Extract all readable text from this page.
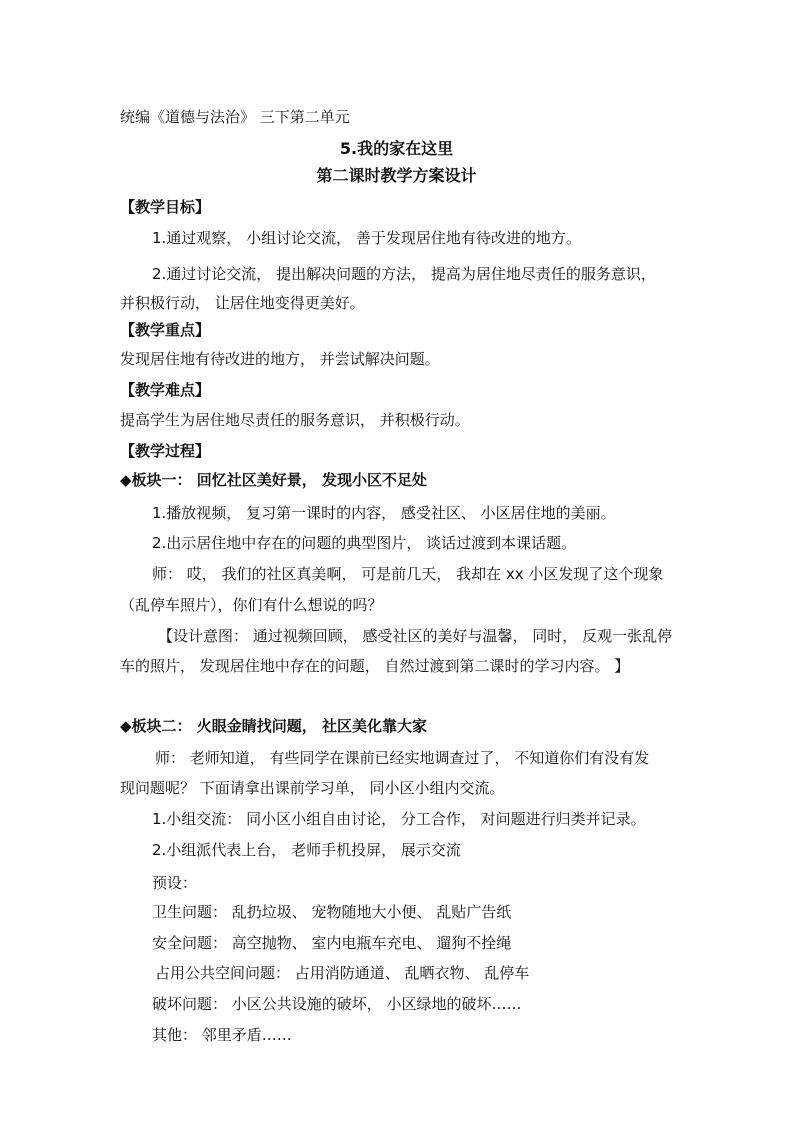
统编《道德与法治》 三下第二单元
5.我的家在这里
第二课时教学方案设计
【教学目标】
1.通过观察， 小组讨论交流， 善于发现居住地有待改进的地方。
2.通过讨论交流， 提出解决问题的方法， 提高为居住地尽责任的服务意识，
并积极行动， 让居住地变得更美好。
【教学重点】
发现居住地有待改进的地方， 并尝试解决问题。
【教学难点】
提高学生为居住地尽责任的服务意识， 并积极行动。
【教学过程】
◆板块一： 回忆社区美好景， 发现小区不足处
1.播放视频， 复习第一课时的内容， 感受社区、 小区居住地的美丽。
2.出示居住地中存在的问题的典型图片， 谈话过渡到本课话题。
师： 哎， 我们的社区真美啊， 可是前几天， 我却在 xx 小区发现了这个现象
（乱停车照片），你们有什么想说的吗？
【设计意图： 通过视频回顾， 感受社区的美好与温馨， 同时， 反观一张乱停
车的照片， 发现居住地中存在的问题， 自然过渡到第二课时的学习内容。 】
◆板块二： 火眼金睛找问题， 社区美化靠大家
师： 老师知道， 有些同学在课前已经实地调查过了， 不知道你们有没有发
现问题呢？ 下面请拿出课前学习单， 同小区小组内交流。
1.小组交流： 同小区小组自由讨论， 分工合作， 对问题进行归类并记录。
2.小组派代表上台， 老师手机投屏， 展示交流
预设：
卫生问题： 乱扔垃圾、 宠物随地大小便、 乱贴广告纸
安全问题： 高空抛物、 室内电瓶车充电、 遛狗不拴绳
占用公共空间问题： 占用消防通道、 乱晒衣物、 乱停车
破坏问题： 小区公共设施的破坏， 小区绿地的破坏……
其他： 邻里矛盾……
